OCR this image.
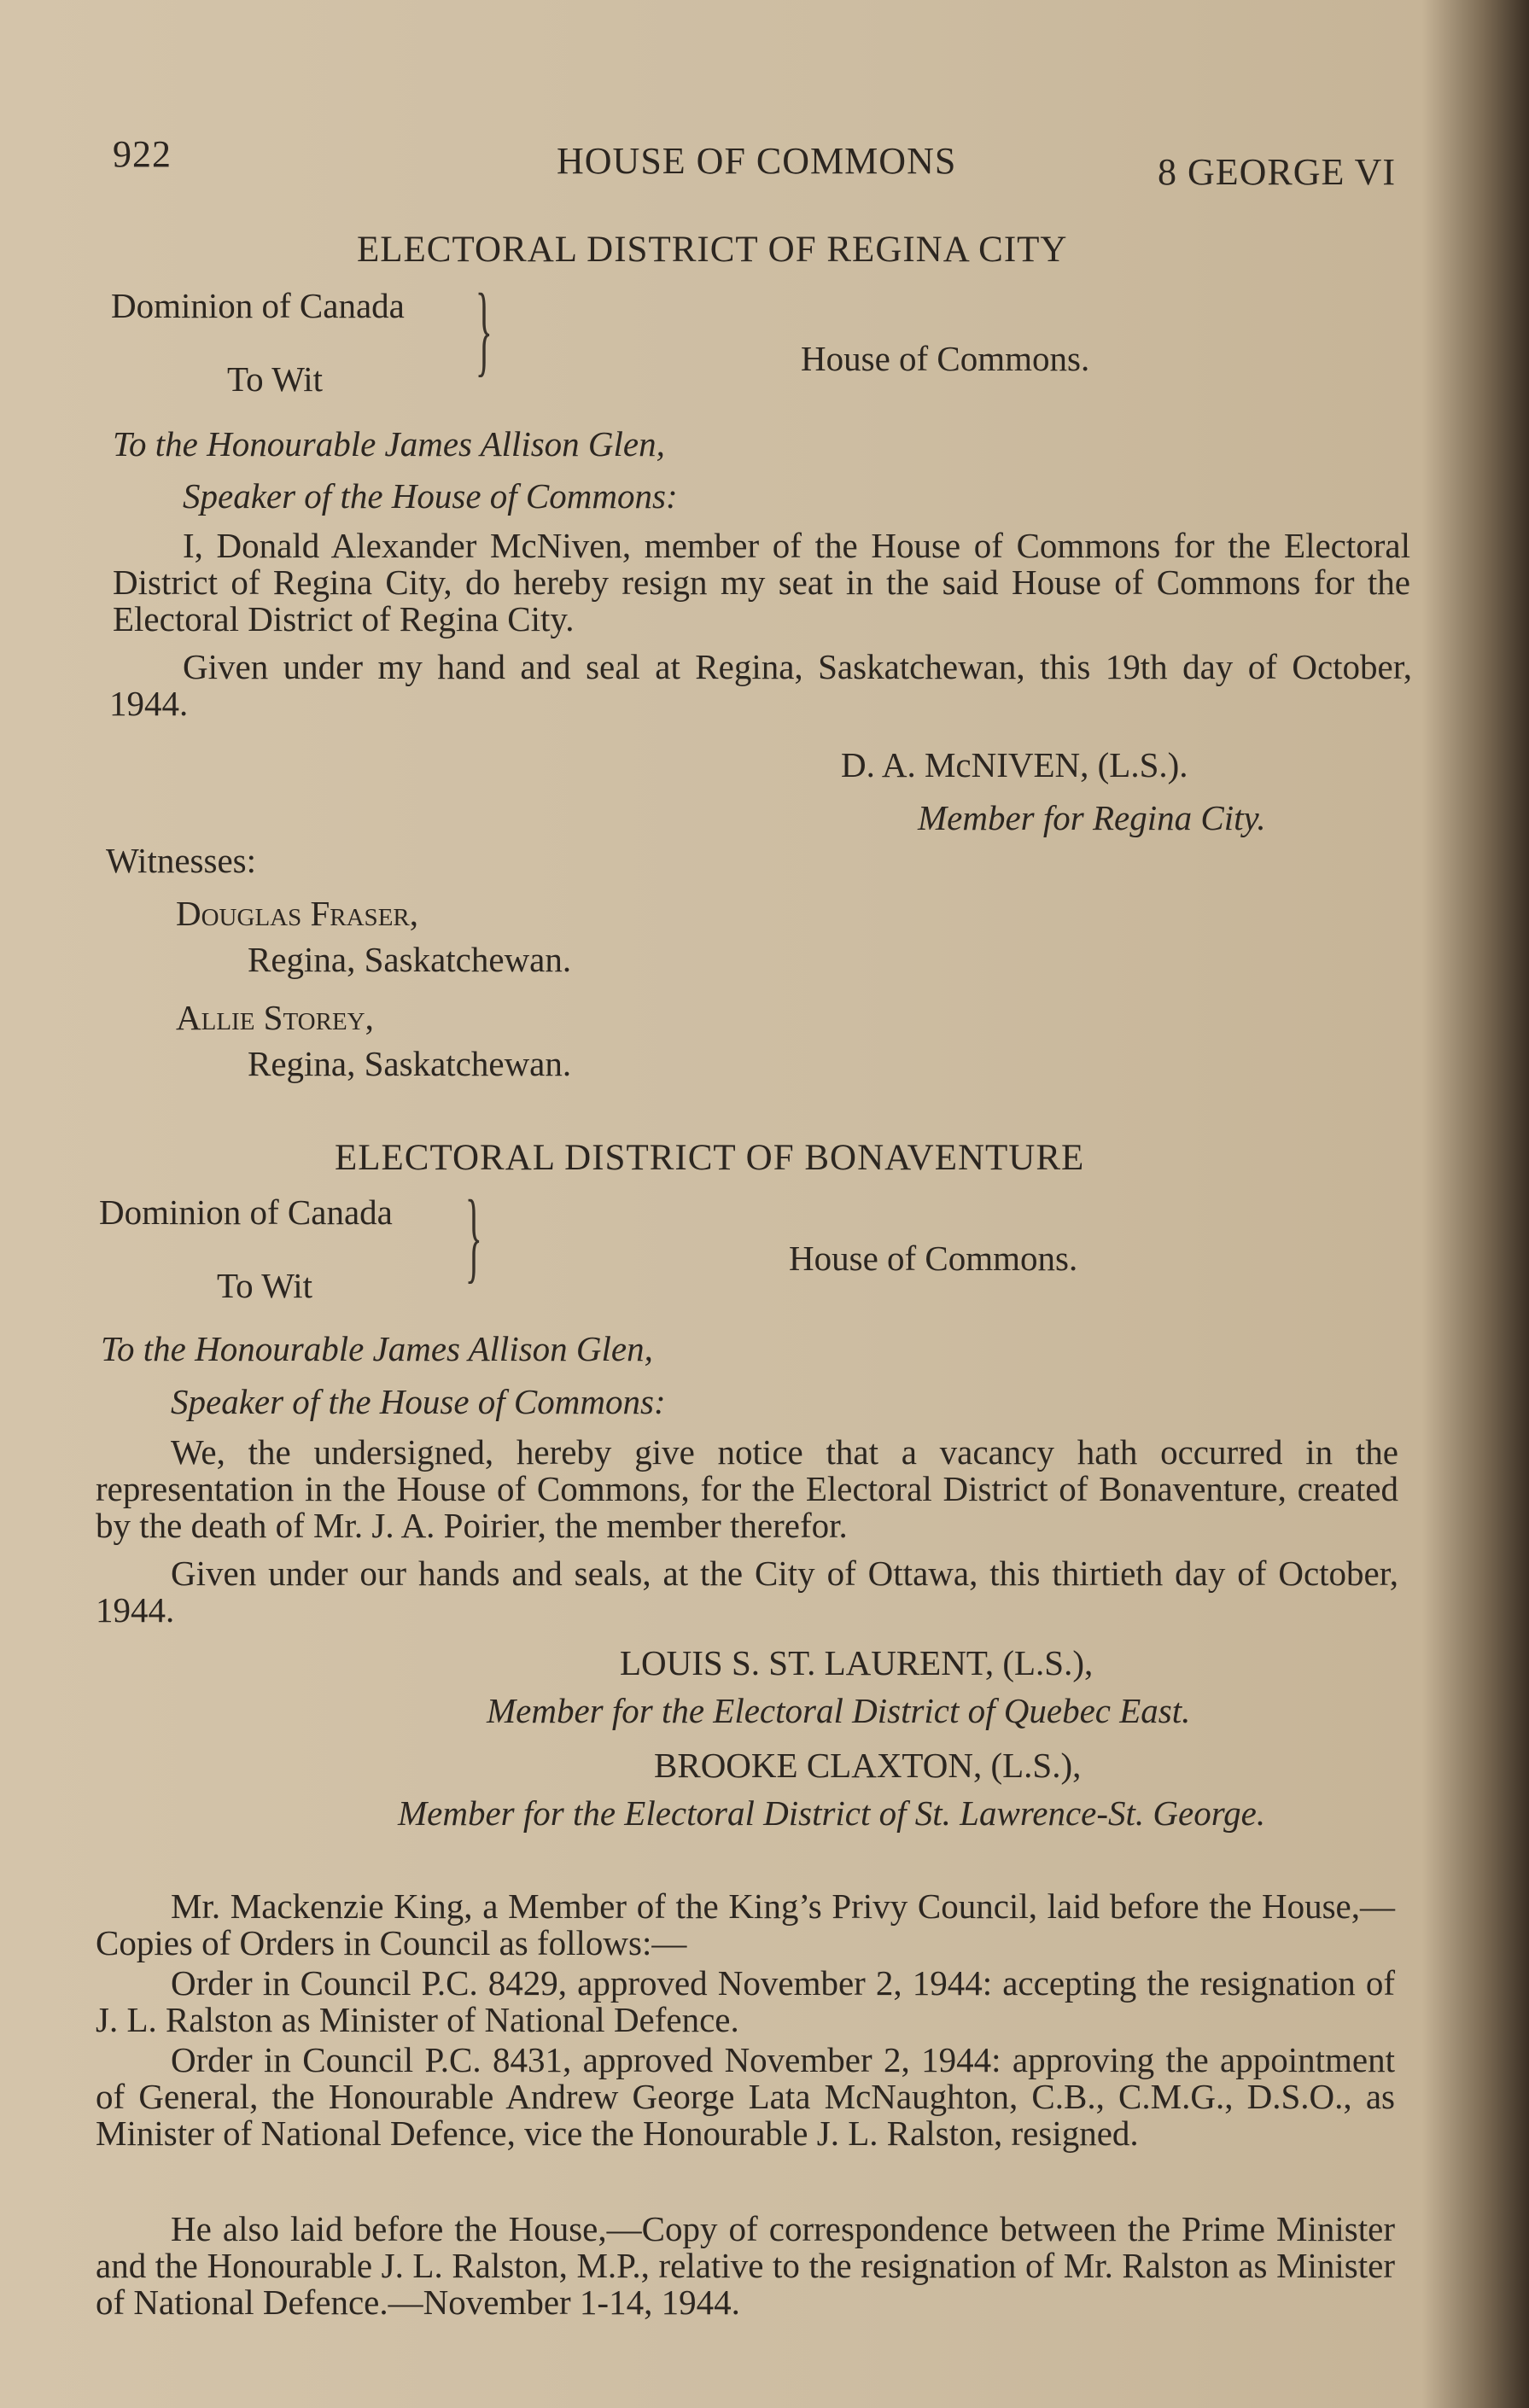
922	HOUSE OF COMMONS	8 GEORGE VI
ELECTORAL DISTRICT OF REGINA CITY
Dominion of Canada
To Wit }	House of Commons.
To the Honourable James Allison Glen,
Speaker of the House of Commons:
I, Donald Alexander McNiven, member of the House of Commons for the Electoral District of Regina City, do hereby resign my seat in the said House of Commons for the Electoral District of Regina City.
Given under my hand and seal at Regina, Saskatchewan, this 19th day of October, 1944.
D. A. McNIVEN, (L.S.).
Member for Regina City.
Witnesses:
Douglas Fraser,
Regina, Saskatchewan.
Allie Storey,
Regina, Saskatchewan.
ELECTORAL DISTRICT OF BONAVENTURE
Dominion of Canada
To Wit }	House of Commons.
To the Honourable James Allison Glen,
Speaker of the House of Commons:
We, the undersigned, hereby give notice that a vacancy hath occurred in the representation in the House of Commons, for the Electoral District of Bonaventure, created by the death of Mr. J. A. Poirier, the member therefor.
Given under our hands and seals, at the City of Ottawa, this thirtieth day of October, 1944.
LOUIS S. ST. LAURENT, (L.S.),
Member for the Electoral District of Quebec East.
BROOKE CLAXTON, (L.S.),
Member for the Electoral District of St. Lawrence-St. George.
Mr. Mackenzie King, a Member of the King’s Privy Council, laid before the House,—Copies of Orders in Council as follows:—
Order in Council P.C. 8429, approved November 2, 1944: accepting the resignation of J. L. Ralston as Minister of National Defence.
Order in Council P.C. 8431, approved November 2, 1944: approving the appointment of General, the Honourable Andrew George Lata McNaughton, C.B., C.M.G., D.S.O., as Minister of National Defence, vice the Honourable J. L. Ralston, resigned.
He also laid before the House,—Copy of correspondence between the Prime Minister and the Honourable J. L. Ralston, M.P., relative to the resignation of Mr. Ralston as Minister of National Defence.—November 1-14, 1944.
